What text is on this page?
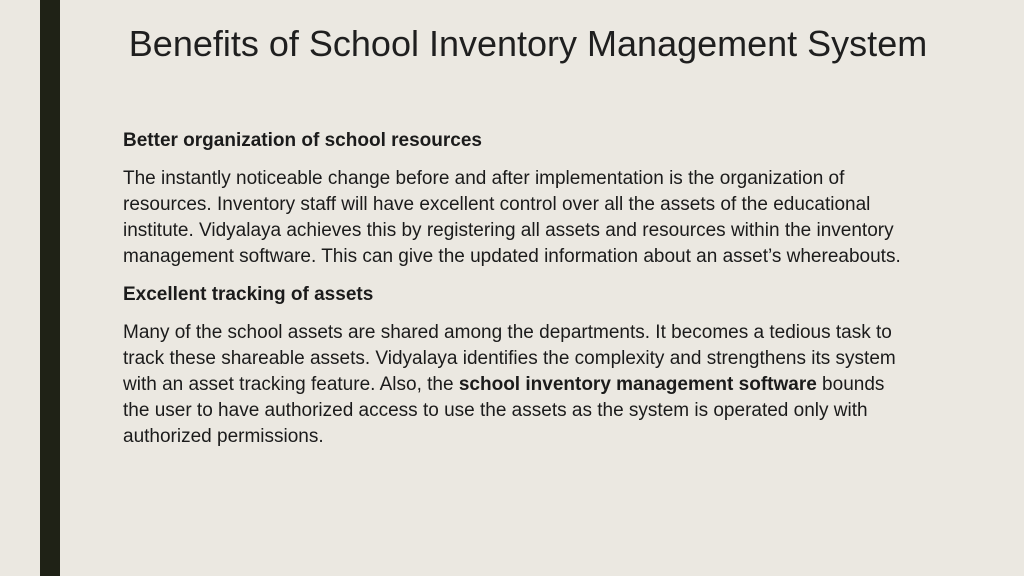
Benefits of School Inventory Management System
Better organization of school resources
The instantly noticeable change before and after implementation is the organization of resources. Inventory staff will have excellent control over all the assets of the educational institute. Vidyalaya achieves this by registering all assets and resources within the inventory management software. This can give the updated information about an asset’s whereabouts.
Excellent tracking of assets
Many of the school assets are shared among the departments. It becomes a tedious task to track these shareable assets. Vidyalaya identifies the complexity and strengthens its system with an asset tracking feature. Also, the school inventory management software bounds the user to have authorized access to use the assets as the system is operated only with authorized permissions.
